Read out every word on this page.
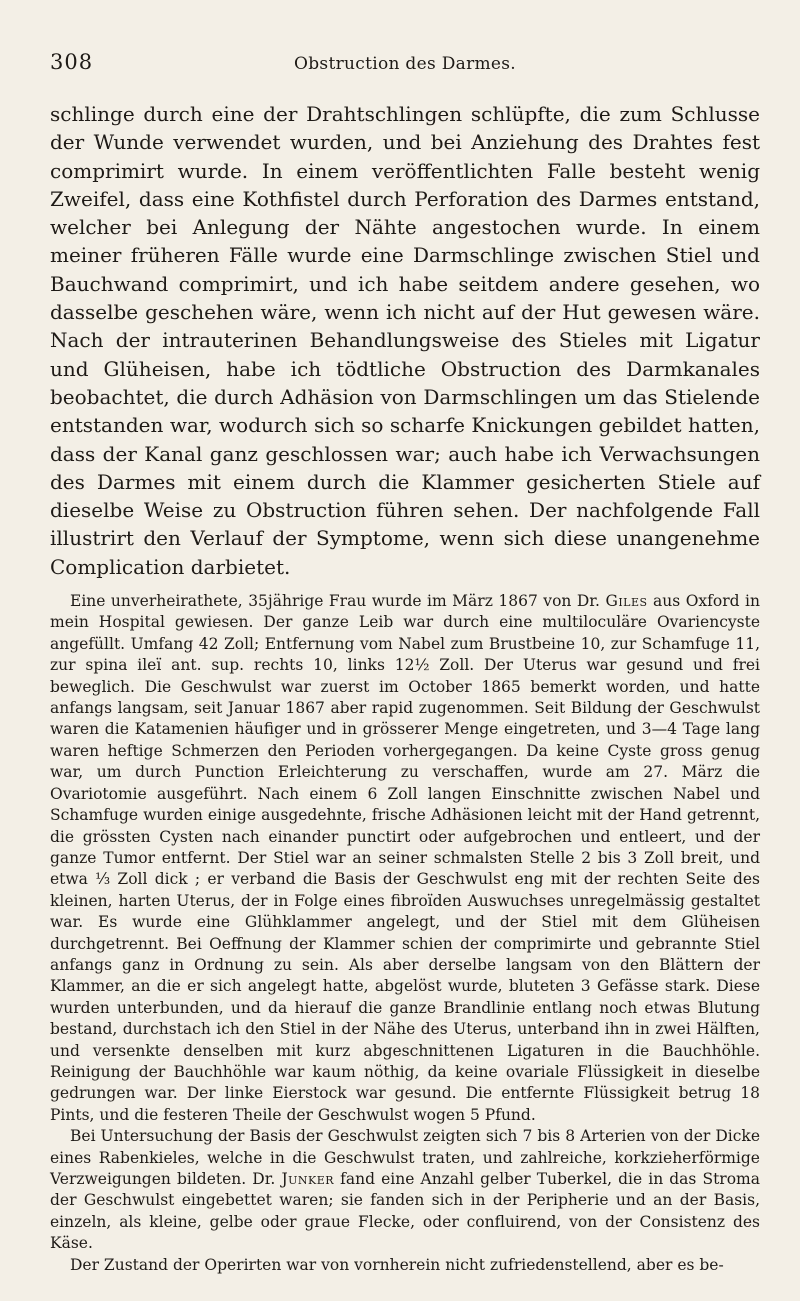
308	Obstruction des Darmes.

schlinge durch eine der Drahtschlingen schlüpfte, die zum Schlusse der Wunde verwendet wurden, und bei Anziehung des Drahtes fest comprimirt wurde. In einem veröffentlichten Falle besteht wenig Zweifel, dass eine Kothfistel durch Perforation des Darmes entstand, welcher bei Anlegung der Nähte angestochen wurde. In einem meiner früheren Fälle wurde eine Darmschlinge zwischen Stiel und Bauchwand comprimirt, und ich habe seitdem andere gesehen, wo dasselbe geschehen wäre, wenn ich nicht auf der Hut gewesen wäre. Nach der intrauterinen Behandlungsweise des Stieles mit Ligatur und Glüheisen, habe ich tödtliche Obstruction des Darmkanales beobachtet, die durch Adhäsion von Darmschlingen um das Stielende entstanden war, wodurch sich so scharfe Knickungen gebildet hatten, dass der Kanal ganz geschlossen war; auch habe ich Verwachsungen des Darmes mit einem durch die Klammer gesicherten Stiele auf dieselbe Weise zu Obstruction führen sehen. Der nachfolgende Fall illustrirt den Verlauf der Symptome, wenn sich diese unangenehme Complication darbietet.

Eine unverheirathete, 35jährige Frau wurde im März 1867 von Dr. Giles aus Oxford in mein Hospital gewiesen. Der ganze Leib war durch eine multiloculäre Ovariencyste angefüllt. Umfang 42 Zoll; Entfernung vom Nabel zum Brustbeine 10, zur Schamfuge 11, zur spina ileï ant. sup. rechts 10, links 12½ Zoll. Der Uterus war gesund und frei beweglich. Die Geschwulst war zuerst im October 1865 bemerkt worden, und hatte anfangs langsam, seit Januar 1867 aber rapid zugenommen. Seit Bildung der Geschwulst waren die Katamenien häufiger und in grösserer Menge eingetreten, und 3—4 Tage lang waren heftige Schmerzen den Perioden vorhergegangen. Da keine Cyste gross genug war, um durch Punction Erleichterung zu verschaffen, wurde am 27. März die Ovariotomie ausgeführt. Nach einem 6 Zoll langen Einschnitte zwischen Nabel und Schamfuge wurden einige ausgedehnte, frische Adhäsionen leicht mit der Hand getrennt, die grössten Cysten nach einander punctirt oder aufgebrochen und entleert, und der ganze Tumor entfernt. Der Stiel war an seiner schmalsten Stelle 2 bis 3 Zoll breit, und etwa ⅓ Zoll dick ; er verband die Basis der Geschwulst eng mit der rechten Seite des kleinen, harten Uterus, der in Folge eines fibroïden Auswuchses unregelmässig gestaltet war. Es wurde eine Glühklammer angelegt, und der Stiel mit dem Glüheisen durchgetrennt. Bei Oeffnung der Klammer schien der comprimirte und gebrannte Stiel anfangs ganz in Ordnung zu sein. Als aber derselbe langsam von den Blättern der Klammer, an die er sich angelegt hatte, abgelöst wurde, bluteten 3 Gefässe stark. Diese wurden unterbunden, und da hierauf die ganze Brandlinie entlang noch etwas Blutung bestand, durchstach ich den Stiel in der Nähe des Uterus, unterband ihn in zwei Hälften, und versenkte denselben mit kurz abgeschnittenen Ligaturen in die Bauchhöhle. Reinigung der Bauchhöhle war kaum nöthig, da keine ovariale Flüssigkeit in dieselbe gedrungen war. Der linke Eierstock war gesund. Die entfernte Flüssigkeit betrug 18 Pints, und die festeren Theile der Geschwulst wogen 5 Pfund.

Bei Untersuchung der Basis der Geschwulst zeigten sich 7 bis 8 Arterien von der Dicke eines Rabenkieles, welche in die Geschwulst traten, und zahlreiche, korkzieherförmige Verzweigungen bildeten. Dr. Junker fand eine Anzahl gelber Tuberkel, die in das Stroma der Geschwulst eingebettet waren; sie fanden sich in der Peripherie und an der Basis, einzeln, als kleine, gelbe oder graue Flecke, oder confluirend, von der Consistenz des Käse.

Der Zustand der Operirten war von vornherein nicht zufriedenstellend, aber es be-
